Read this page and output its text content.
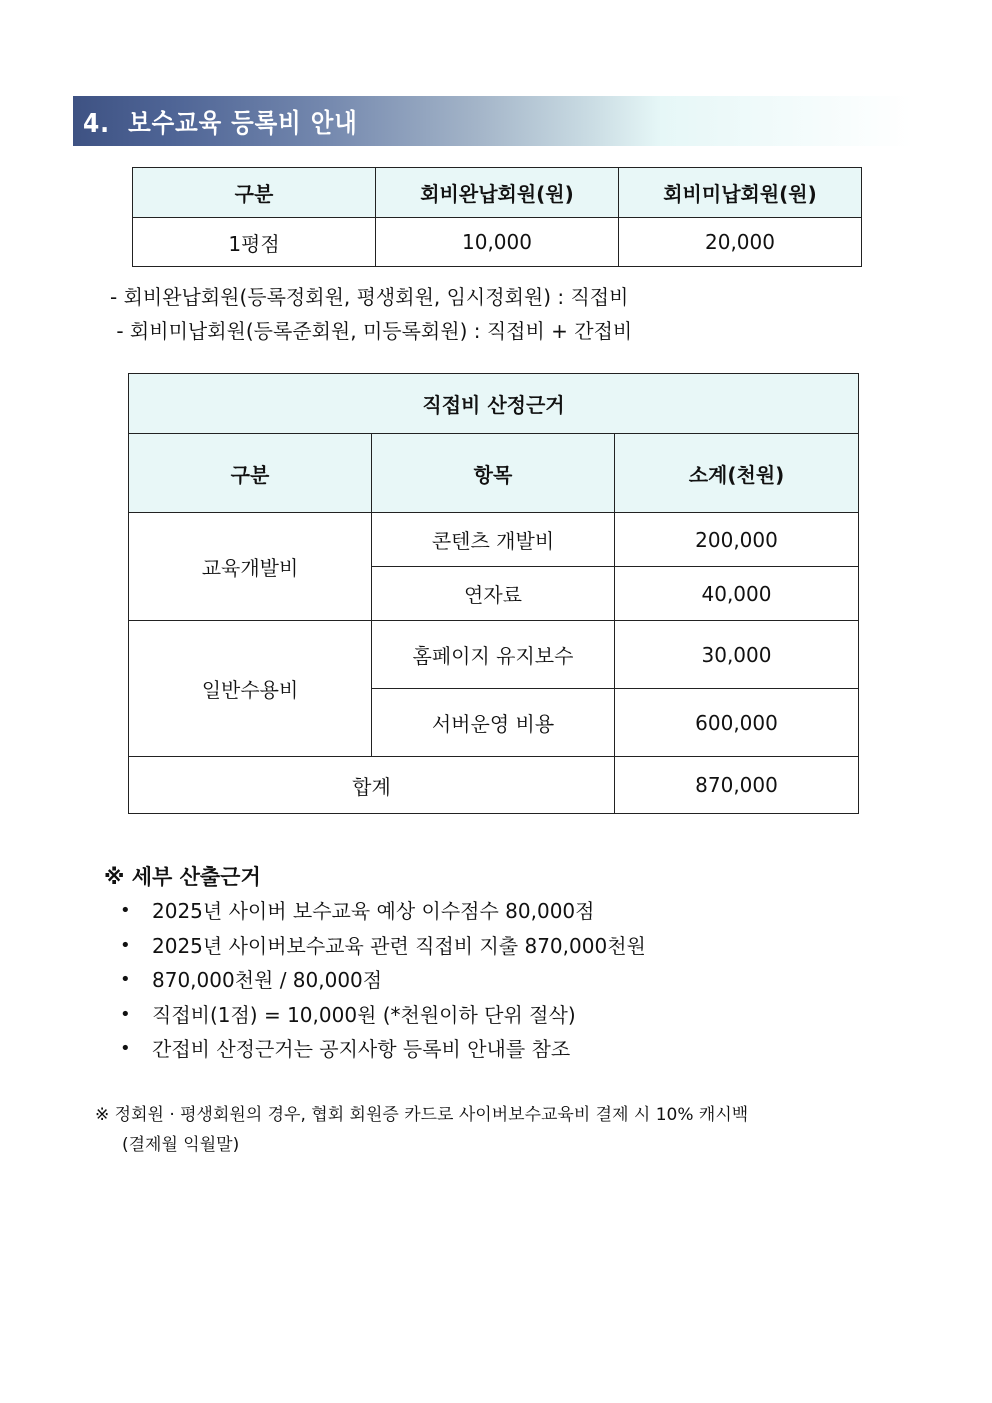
4. 보수교육 등록비 안내
구분	회비완납회원(원)	회비미납회원(원)
1평점	10,000	20,000
- 회비완납회원(등록정회원, 평생회원, 임시정회원) : 직접비
- 회비미납회원(등록준회원, 미등록회원) : 직접비 + 간접비
직접비 산정근거		
구분	항목	소계(천원)
교육개발비	콘텐츠 개발비	200,000
	연자료	40,000
일반수용비	홈페이지 유지보수	30,000
	서버운영 비용	600,000
합계		870,000
※ 세부 산출근거
• 2025년 사이버 보수교육 예상 이수점수 80,000점
• 2025년 사이버보수교육 관련 직접비 지출 870,000천원
• 870,000천원 / 80,000점
• 직접비(1점) = 10,000원 (*천원이하 단위 절삭)
• 간접비 산정근거는 공지사항 등록비 안내를 참조
※ 정회원 · 평생회원의 경우, 협회 회원증 카드로 사이버보수교육비 결제 시 10% 캐시백
(결제월 익월말)
